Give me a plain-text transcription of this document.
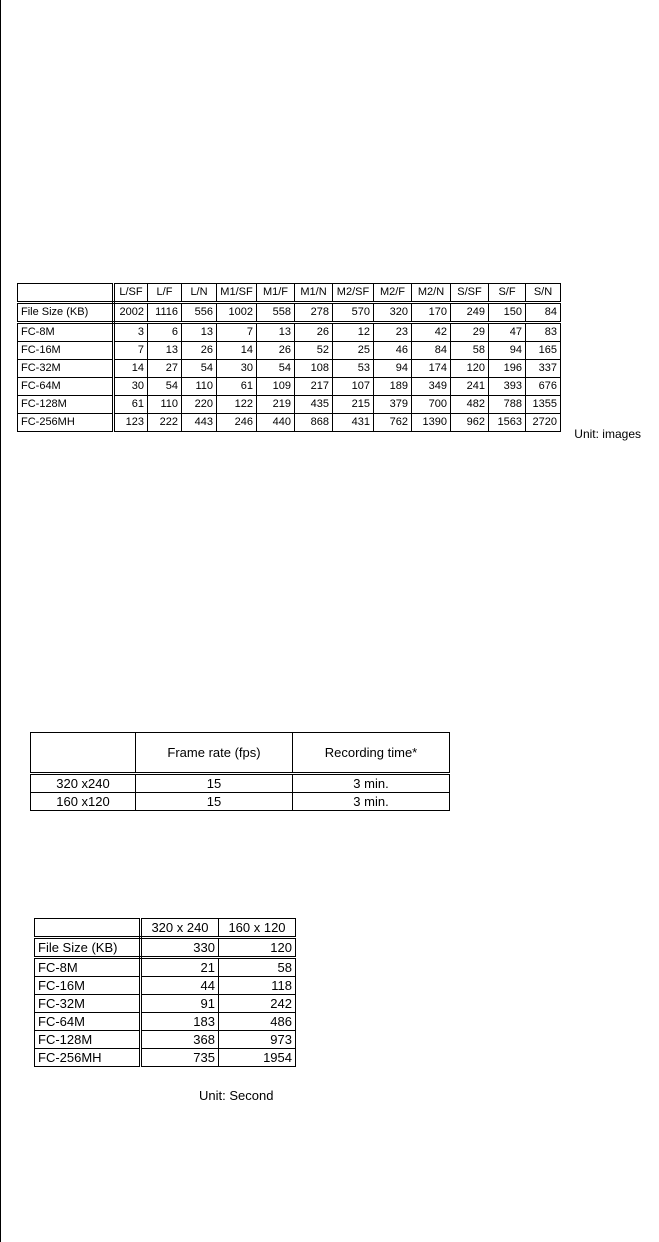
	L/SF	L/F	L/N	M1/SF	M1/F	M1/N	M2/SF	M2/F	M2/N	S/SF	S/F	S/N
File Size (KB)	2002	1116	556	1002	558	278	570	320	170	249	150	84
FC-8M	3	6	13	7	13	26	12	23	42	29	47	83
FC-16M	7	13	26	14	26	52	25	46	84	58	94	165
FC-32M	14	27	54	30	54	108	53	94	174	120	196	337
FC-64M	30	54	110	61	109	217	107	189	349	241	393	676
FC-128M	61	110	220	122	219	435	215	379	700	482	788	1355
FC-256MH	123	222	443	246	440	868	431	762	1390	962	1563	2720
Unit: images
	Frame rate (fps)	Recording time*
320 x240	15	3 min.
160 x120	15	3 min.
	320 x 240	160 x 120
File Size (KB)	330	120
FC-8M	21	58
FC-16M	44	118
FC-32M	91	242
FC-64M	183	486
FC-128M	368	973
FC-256MH	735	1954
Unit: Second
